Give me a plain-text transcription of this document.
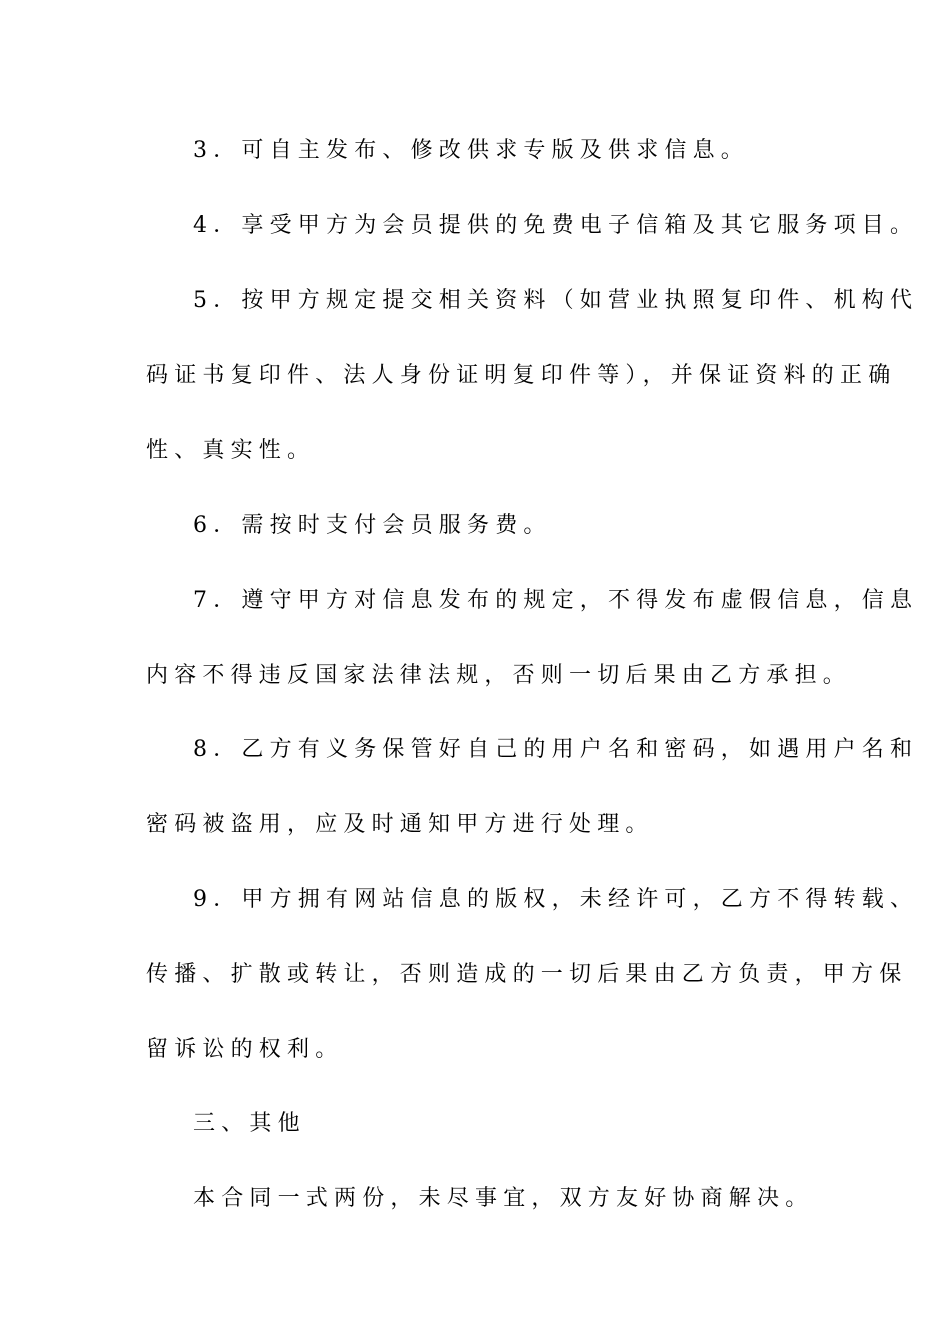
3．可自主发布、修改供求专版及供求信息。
4．享受甲方为会员提供的免费电子信箱及其它服务项目。
5．按甲方规定提交相关资料（如营业执照复印件、机构代
码证书复印件、法人身份证明复印件等），并保证资料的正确
性、真实性。
6．需按时支付会员服务费。
7．遵守甲方对信息发布的规定，不得发布虚假信息，信息
内容不得违反国家法律法规，否则一切后果由乙方承担。
8．乙方有义务保管好自己的用户名和密码，如遇用户名和
密码被盗用，应及时通知甲方进行处理。
9．甲方拥有网站信息的版权，未经许可，乙方不得转载、
传播、扩散或转让，否则造成的一切后果由乙方负责，甲方保
留诉讼的权利。
三、其他
本合同一式两份，未尽事宜，双方友好协商解决。
